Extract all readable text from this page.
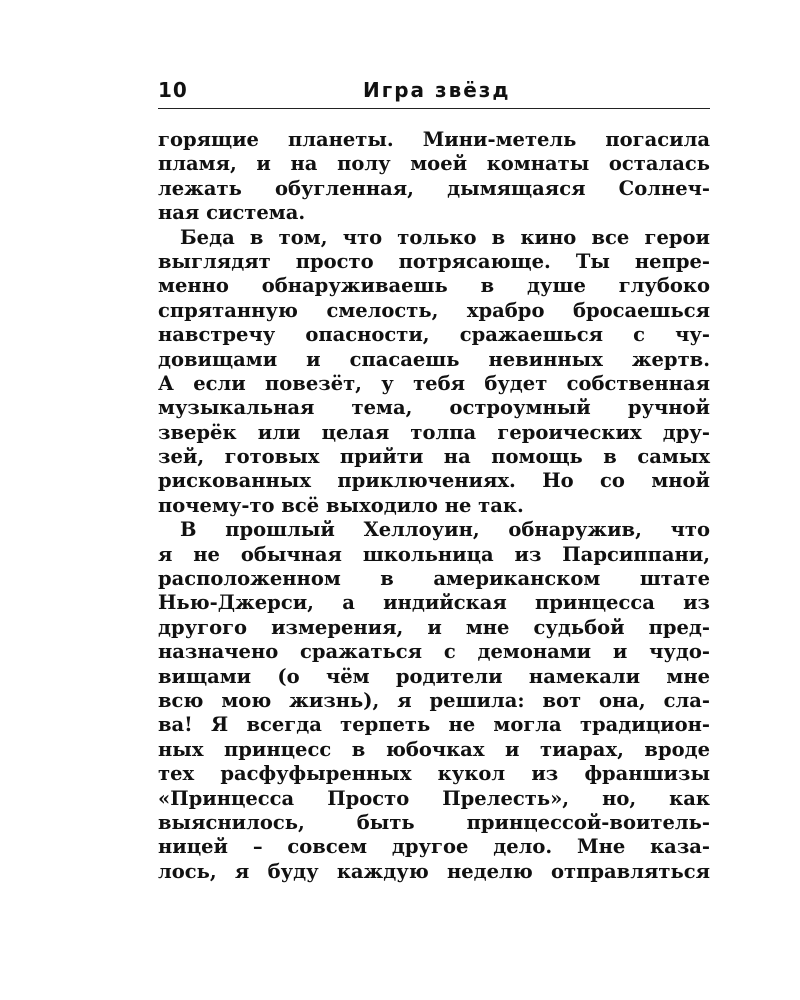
10	Игра звёзд
горящие планеты. Мини-метель погасила
пламя, и на полу моей комнаты осталась
лежать обугленная, дымящаяся Солнеч-
ная система.
Беда в том, что только в кино все герои
выглядят просто потрясающе. Ты непре-
менно обнаруживаешь в душе глубоко
спрятанную смелость, храбро бросаешься
навстречу опасности, сражаешься с чу-
довищами и спасаешь невинных жертв.
А если повезёт, у тебя будет собственная
музыкальная тема, остроумный ручной
зверёк или целая толпа героических дру-
зей, готовых прийти на помощь в самых
рискованных приключениях. Но со мной
почему-то всё выходило не так.
В прошлый Хеллоуин, обнаружив, что
я не обычная школьница из Парсиппани,
расположенном в американском штате
Нью-Джерси, а индийская принцесса из
другого измерения, и мне судьбой пред-
назначено сражаться с демонами и чудо-
вищами (о чём родители намекали мне
всю мою жизнь), я решила: вот она, сла-
ва! Я всегда терпеть не могла традицион-
ных принцесс в юбочках и тиарах, вроде
тех расфуфыренных кукол из франшизы
«Принцесса Просто Прелесть», но, как
выяснилось, быть принцессой-воитель-
ницей – совсем другое дело. Мне каза-
лось, я буду каждую неделю отправляться
